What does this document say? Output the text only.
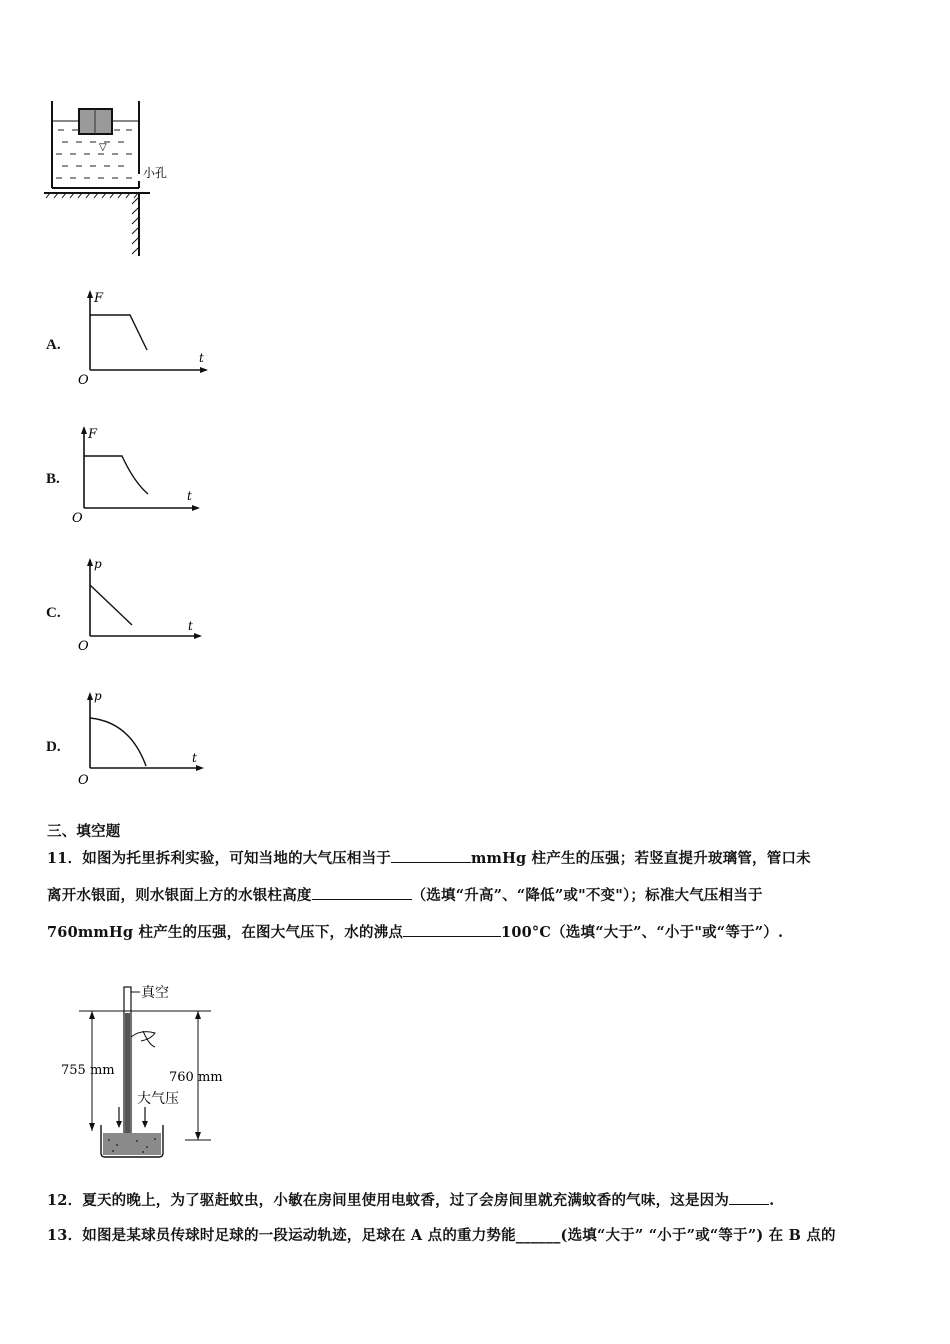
▽
小孔
A.
F
t
O
B.
F
t
O
C.
p
t
O
D.
p
t
O
三、填空题
11．如图为托里拆利实验，可知当地的大气压相当于	mmHg 柱产生的压强；若竖直提升玻璃管，管口未
离开水银面，则水银面上方的水银柱高度	（选填“升高”、“降低”或"不变"）；标准大气压相当于
760mmHg 柱产生的压强，在图大气压下，水的沸点	100°C（选填“大于”、“小于"或“等于”）.
真空
755 mm	760 mm
大气压
12．夏天的晚上，为了驱赶蚊虫，小敏在房间里使用电蚊香，过了会房间里就充满蚊香的气味，这是因为	.
13．如图是某球员传球时足球的一段运动轨迹，足球在 A 点的重力势能______(选填“大于” “小于”或“等于”) 在 B 点的
